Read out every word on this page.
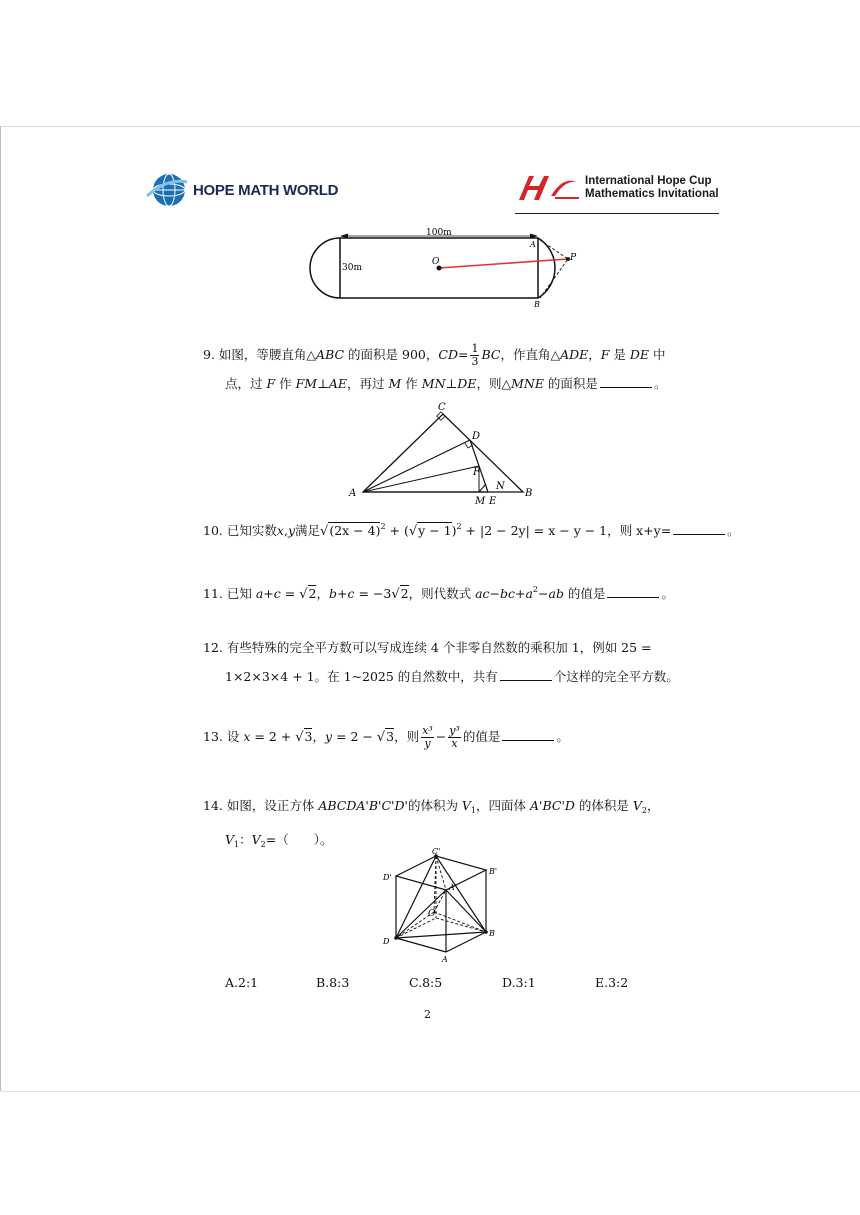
HOPE MATH WORLD
International Hope Cup
Mathematics Invitational
100m
30m
O	P
A
B
9. 如图，等腰直角△ABC 的面积是 900，$CD= \frac{1}{3}$ BC，作直角△ADE，F 是 DE 中
点，过 F 作 FM⊥AE，再过 M 作 MN⊥DE，则△MNE 的面积是	。
C
D
F
N
A	B
M E
10. 已知实数x,y满足$√(2x - 4)^2 + (√y - 1)^2 + |2 - 2y| = x - y - 1$，则 x+y=	。
11. 已知 a+c = √2，b+c = −3√2，则代数式 $ac-bc+a^2-ab$ 的值是	。
12. 有些特殊的完全平方数可以写成连续 4 个非零自然数的乘积加 1，例如 25 =
1×2×3×4 + 1。在 1~2025 的自然数中，共有	个这样的完全平方数。
13. 设 x = 2 + √3，y = 2 − √3，则 $\frac{\text{x³}}{y} - \frac{\text{y³}}{x}$ 的值是	。
14. 如图，设正方体 ABCDA'B'C'D'的体积为 $V_1$，四面体 A'BC'D 的体积是 $V_2$，
$V_1$：$V_2=$（　　）。
C'
B'
D'
A'
O
D
B
A
A.2:1	B.8:3	C.8:5	D.3:1	E.3:2
2
